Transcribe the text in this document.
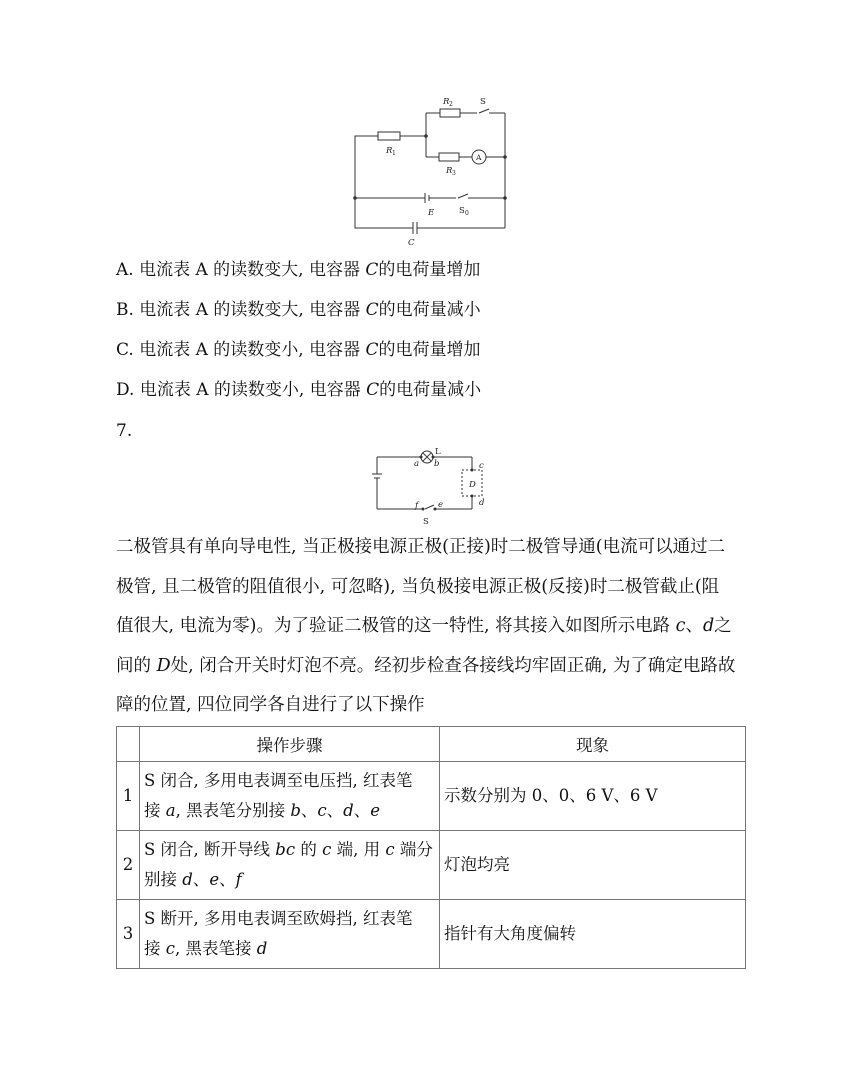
R 1
R 2	S
A
R 3
E	S 0
C
A. 电流表 A 的读数变大, 电容器 C的电荷量增加
B. 电流表 A 的读数变大, 电容器 C的电荷量减小
C. 电流表 A 的读数变小, 电容器 C的电荷量增加
D. 电流表 A 的读数变小, 电容器 C的电荷量减小
7.
a
L
b	c
D
d
f e
S

二极管具有单向导电性, 当正极接电源正极(正接)时二极管导通(电流可以通过二

极管, 且二极管的阻值很小, 可忽略), 当负极接电源正极(反接)时二极管截止(阻

值很大, 电流为零)。为了验证二极管的这一特性, 将其接入如图所示电路 c、d之

间的 D处, 闭合开关时灯泡不亮。经初步检查各接线均牢固正确, 为了确定电路故

障的位置, 四位同学各自进行了以下操作

	操作步骤	现象
1	S 闭合, 多用电表调至电压挡, 红表笔
接 a, 黑表笔分别接 b、c、d、e	示数分别为 0、0、6 V、6 V
2	S 闭合, 断开导线 bc 的 c 端, 用 c 端分
别接 d、e、f	灯泡均亮
3	S 断开, 多用电表调至欧姆挡, 红表笔
接 c, 黑表笔接 d	指针有大角度偏转
